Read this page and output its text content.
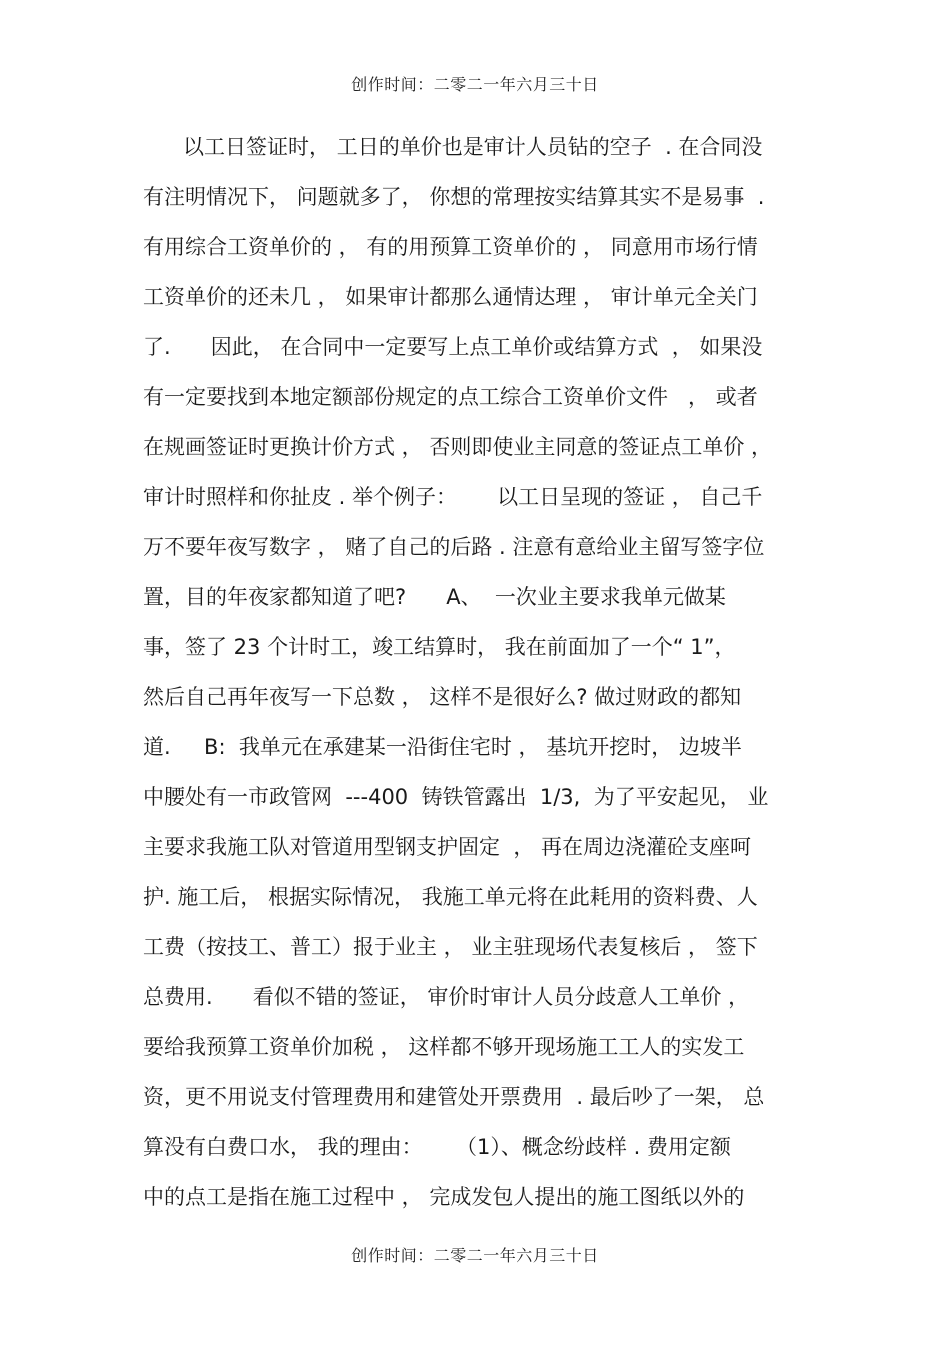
创作时间：二零二一年六月三十日
以工日签证时， 工日的单价也是审计人员钻的空子  . 在合同没
有注明情况下， 问题就多了， 你想的常理按实结算其实不是易事  .
有用综合工资单价的 ， 有的用预算工资单价的 ， 同意用市场行情
工资单价的还未几 ， 如果审计都那么通情达理 ， 审计单元全关门
了.      因此， 在合同中一定要写上点工单价或结算方式  ， 如果没
有一定要找到本地定额部份规定的点工综合工资单价文件   ， 或者
在规画签证时更换计价方式 ， 否则即使业主同意的签证点工单价 ，
审计时照样和你扯皮 . 举个例子：      以工日呈现的签证 ， 自己千
万不要年夜写数字 ， 赌了自己的后路 . 注意有意给业主留写签字位
置，目的年夜家都知道了吧?      A、  一次业主要求我单元做某
事，签了 23 个计时工，竣工结算时， 我在前面加了一个“ 1”，
然后自己再年夜写一下总数 ， 这样不是很好么? 做过财政的都知
道.     B:  我单元在承建某一沿街住宅时 ， 基坑开挖时， 边坡半
中腰处有一市政管网  ---400  铸铁管露出  1/3,  为了平安起见， 业
主要求我施工队对管道用型钢支护固定  ， 再在周边浇灌砼支座呵
护. 施工后， 根据实际情况， 我施工单元将在此耗用的资料费、人
工费（按技工、普工）报于业主 ， 业主驻现场代表复核后 ， 签下
总费用.      看似不错的签证， 审价时审计人员分歧意人工单价 ，
要给我预算工资单价加税 ， 这样都不够开现场施工工人的实发工
资，更不用说支付管理费用和建管处开票费用  . 最后吵了一架， 总
算没有白费口水， 我的理由：     （1）、概念纷歧样 . 费用定额
中的点工是指在施工过程中 ， 完成发包人提出的施工图纸以外的
创作时间：二零二一年六月三十日
